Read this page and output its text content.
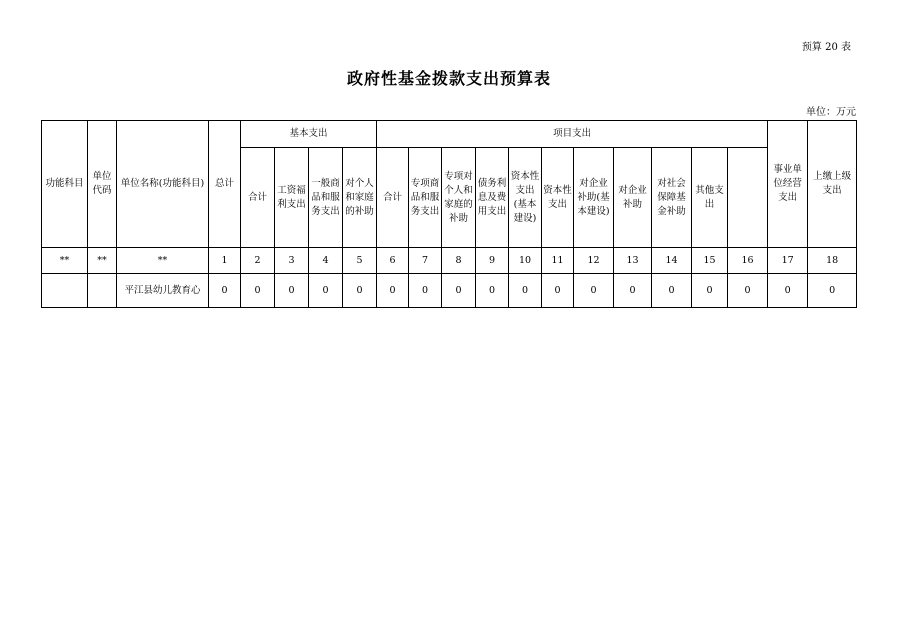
预算 20 表
政府性基金拨款支出预算表
单位：万元
功能科目	单位代码	单位名称(功能科目)	总计	基本支出				项目支出											事业单位经营支出	上缴上级支出	
				合计	工资福利支出	一般商品和服务支出	对个人和家庭的补助	合计	专项商品和服务支出	专项对个人和家庭的补助	债务利息及费用支出	资本性支出(基本建设)	资本性支出	对企业补助(基本建设)	对企业补助	对社会保障基金补助	其他支出				
**	**	**	1	2	3	4	5	6	7	8	9	10	11	12	13	14	15	16	17	18	
		平江县幼儿教育心	0	0	0	0	0	0	0	0	0	0	0	0	0	0	0	0	0	0	
